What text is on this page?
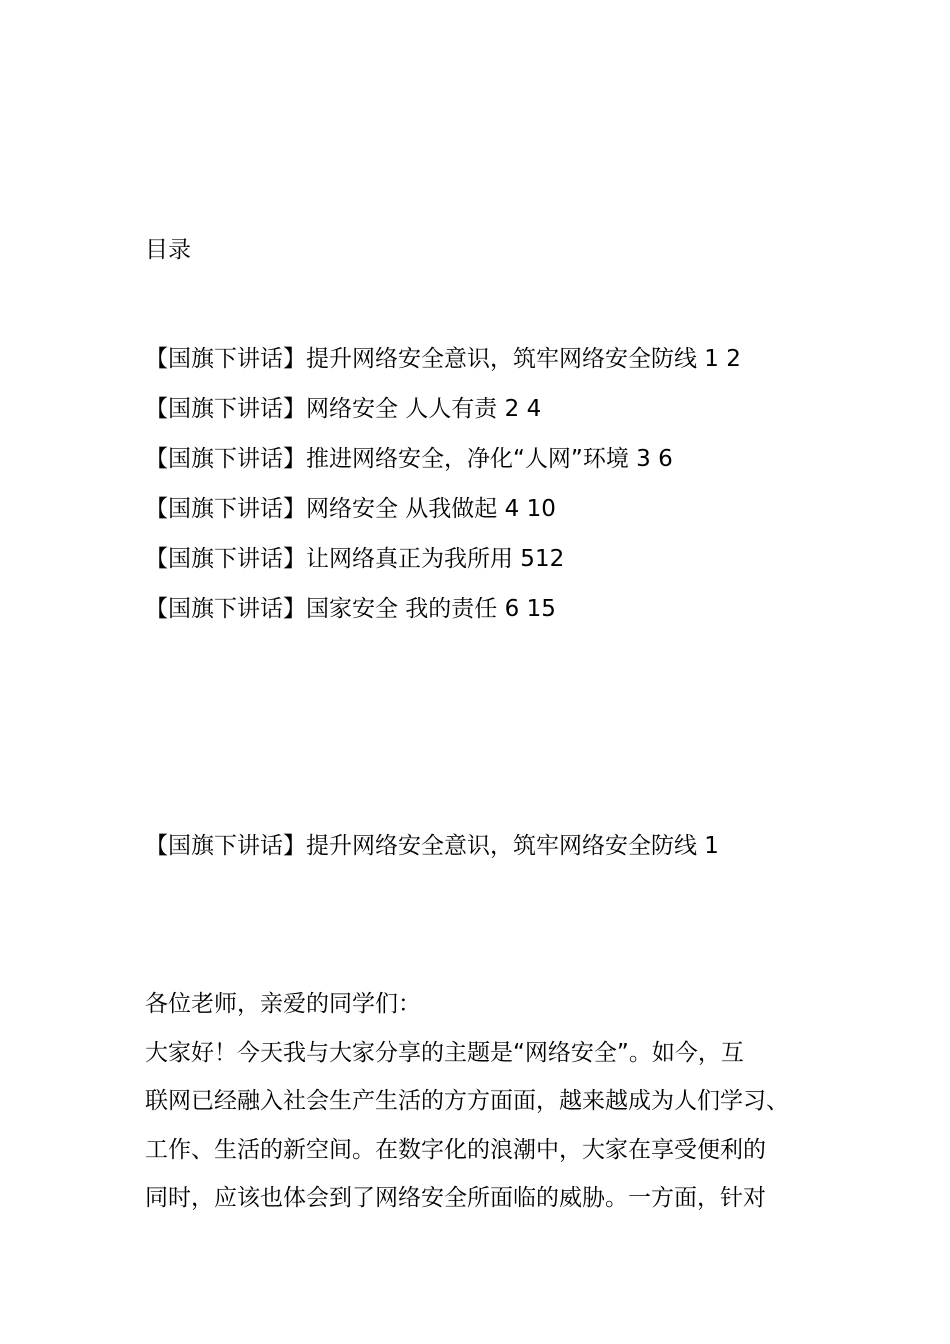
目录
【国旗下讲话】提升网络安全意识，筑牢网络安全防线 1 2
【国旗下讲话】网络安全 人人有责 2 4
【国旗下讲话】推进网络安全，净化“人网”环境 3 6
【国旗下讲话】网络安全 从我做起 4 10
【国旗下讲话】让网络真正为我所用 512
【国旗下讲话】国家安全 我的责任 6 15
【国旗下讲话】提升网络安全意识，筑牢网络安全防线 1
各位老师，亲爱的同学们：
大家好！今天我与大家分享的主题是“网络安全”。如今，互
联网已经融入社会生产生活的方方面面，越来越成为人们学习、
工作、生活的新空间。在数字化的浪潮中，大家在享受便利的
同时，应该也体会到了网络安全所面临的威胁。一方面，针对
